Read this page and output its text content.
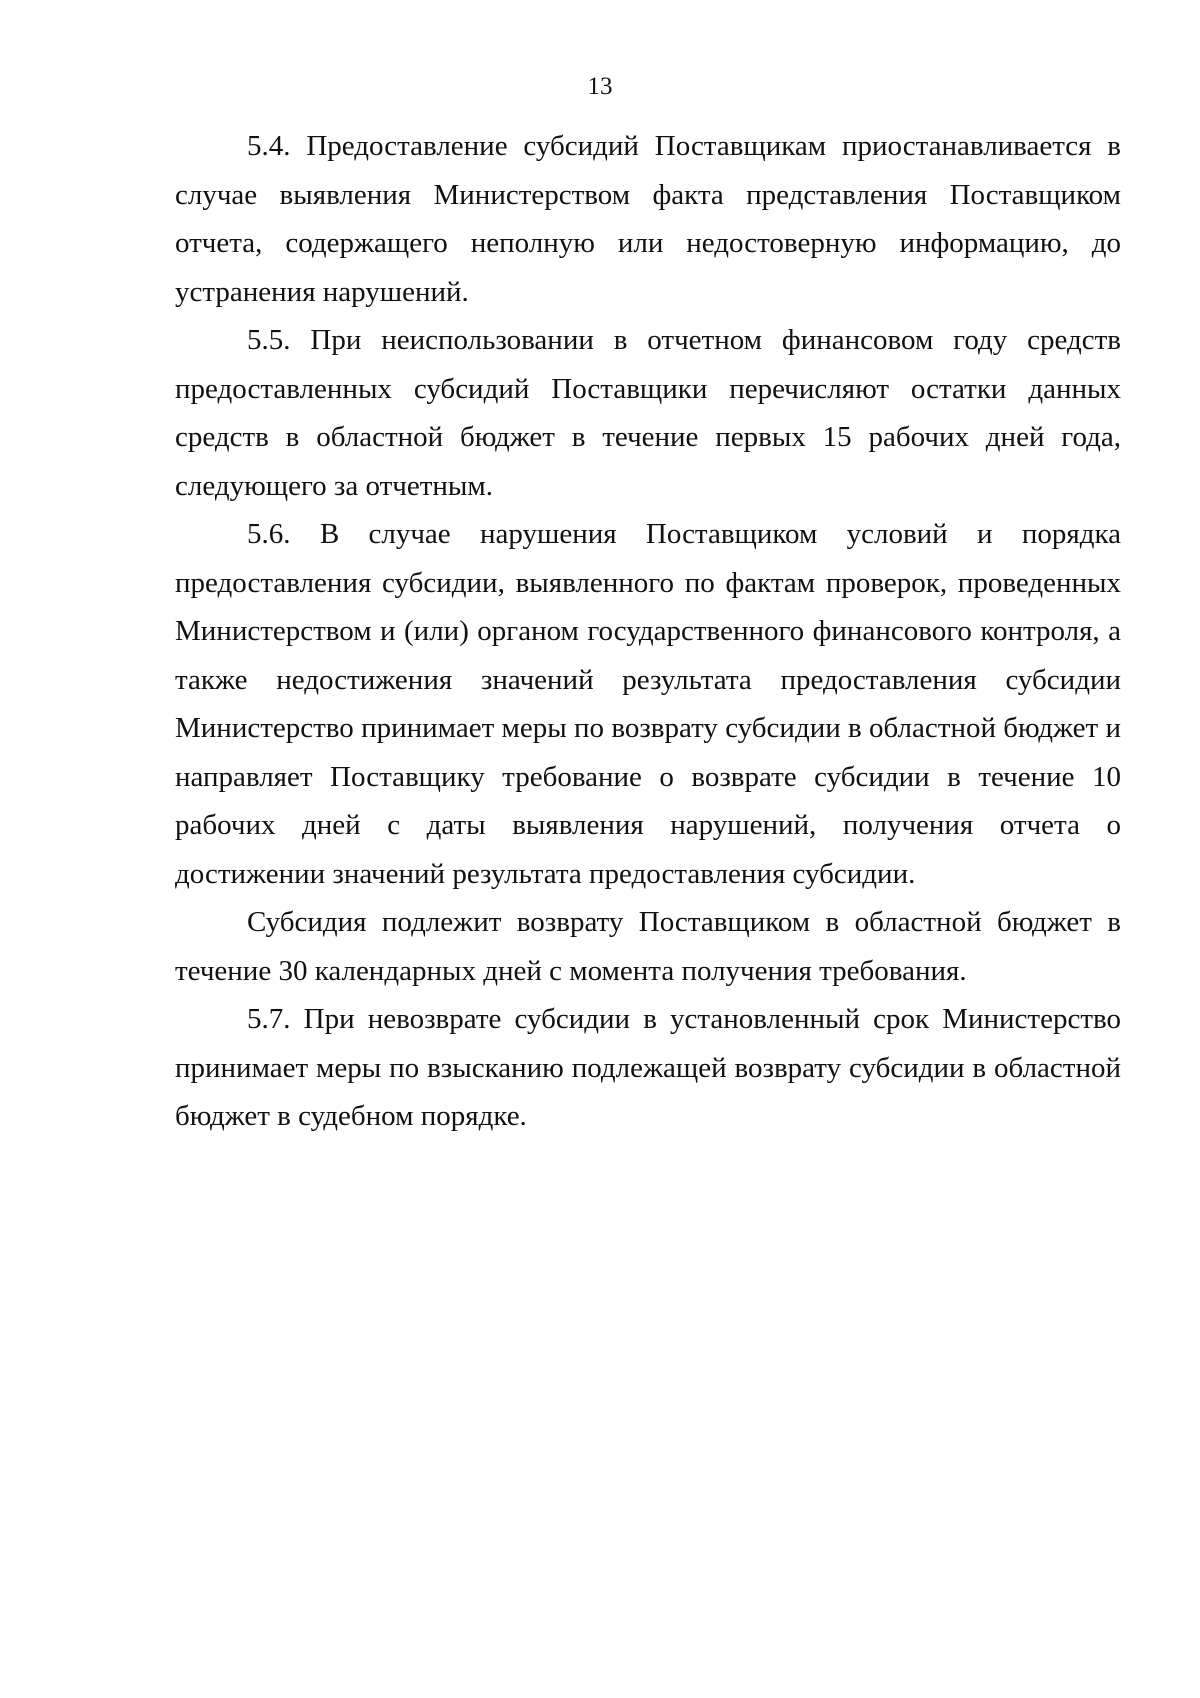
13

5.4. Предоставление субсидий Поставщикам приостанавливается в случае выявления Министерством факта представления Поставщиком отчета, содержащего неполную или недостоверную информацию, до устранения нарушений.

5.5. При неиспользовании в отчетном финансовом году средств предоставленных субсидий Поставщики перечисляют остатки данных средств в областной бюджет в течение первых 15 рабочих дней года, следующего за отчетным.

5.6. В случае нарушения Поставщиком условий и порядка предоставления субсидии, выявленного по фактам проверок, проведенных Министерством и (или) органом государственного финансового контроля, а также недостижения значений результата предоставления субсидии Министерство принимает меры по возврату субсидии в областной бюджет и направляет Поставщику требование о возврате субсидии в течение 10 рабочих дней с даты выявления нарушений, получения отчета о достижении значений результата предоставления субсидии.

Субсидия подлежит возврату Поставщиком в областной бюджет в течение 30 календарных дней с момента получения требования.

5.7. При невозврате субсидии в установленный срок Министерство принимает меры по взысканию подлежащей возврату субсидии в областной бюджет в судебном порядке.
